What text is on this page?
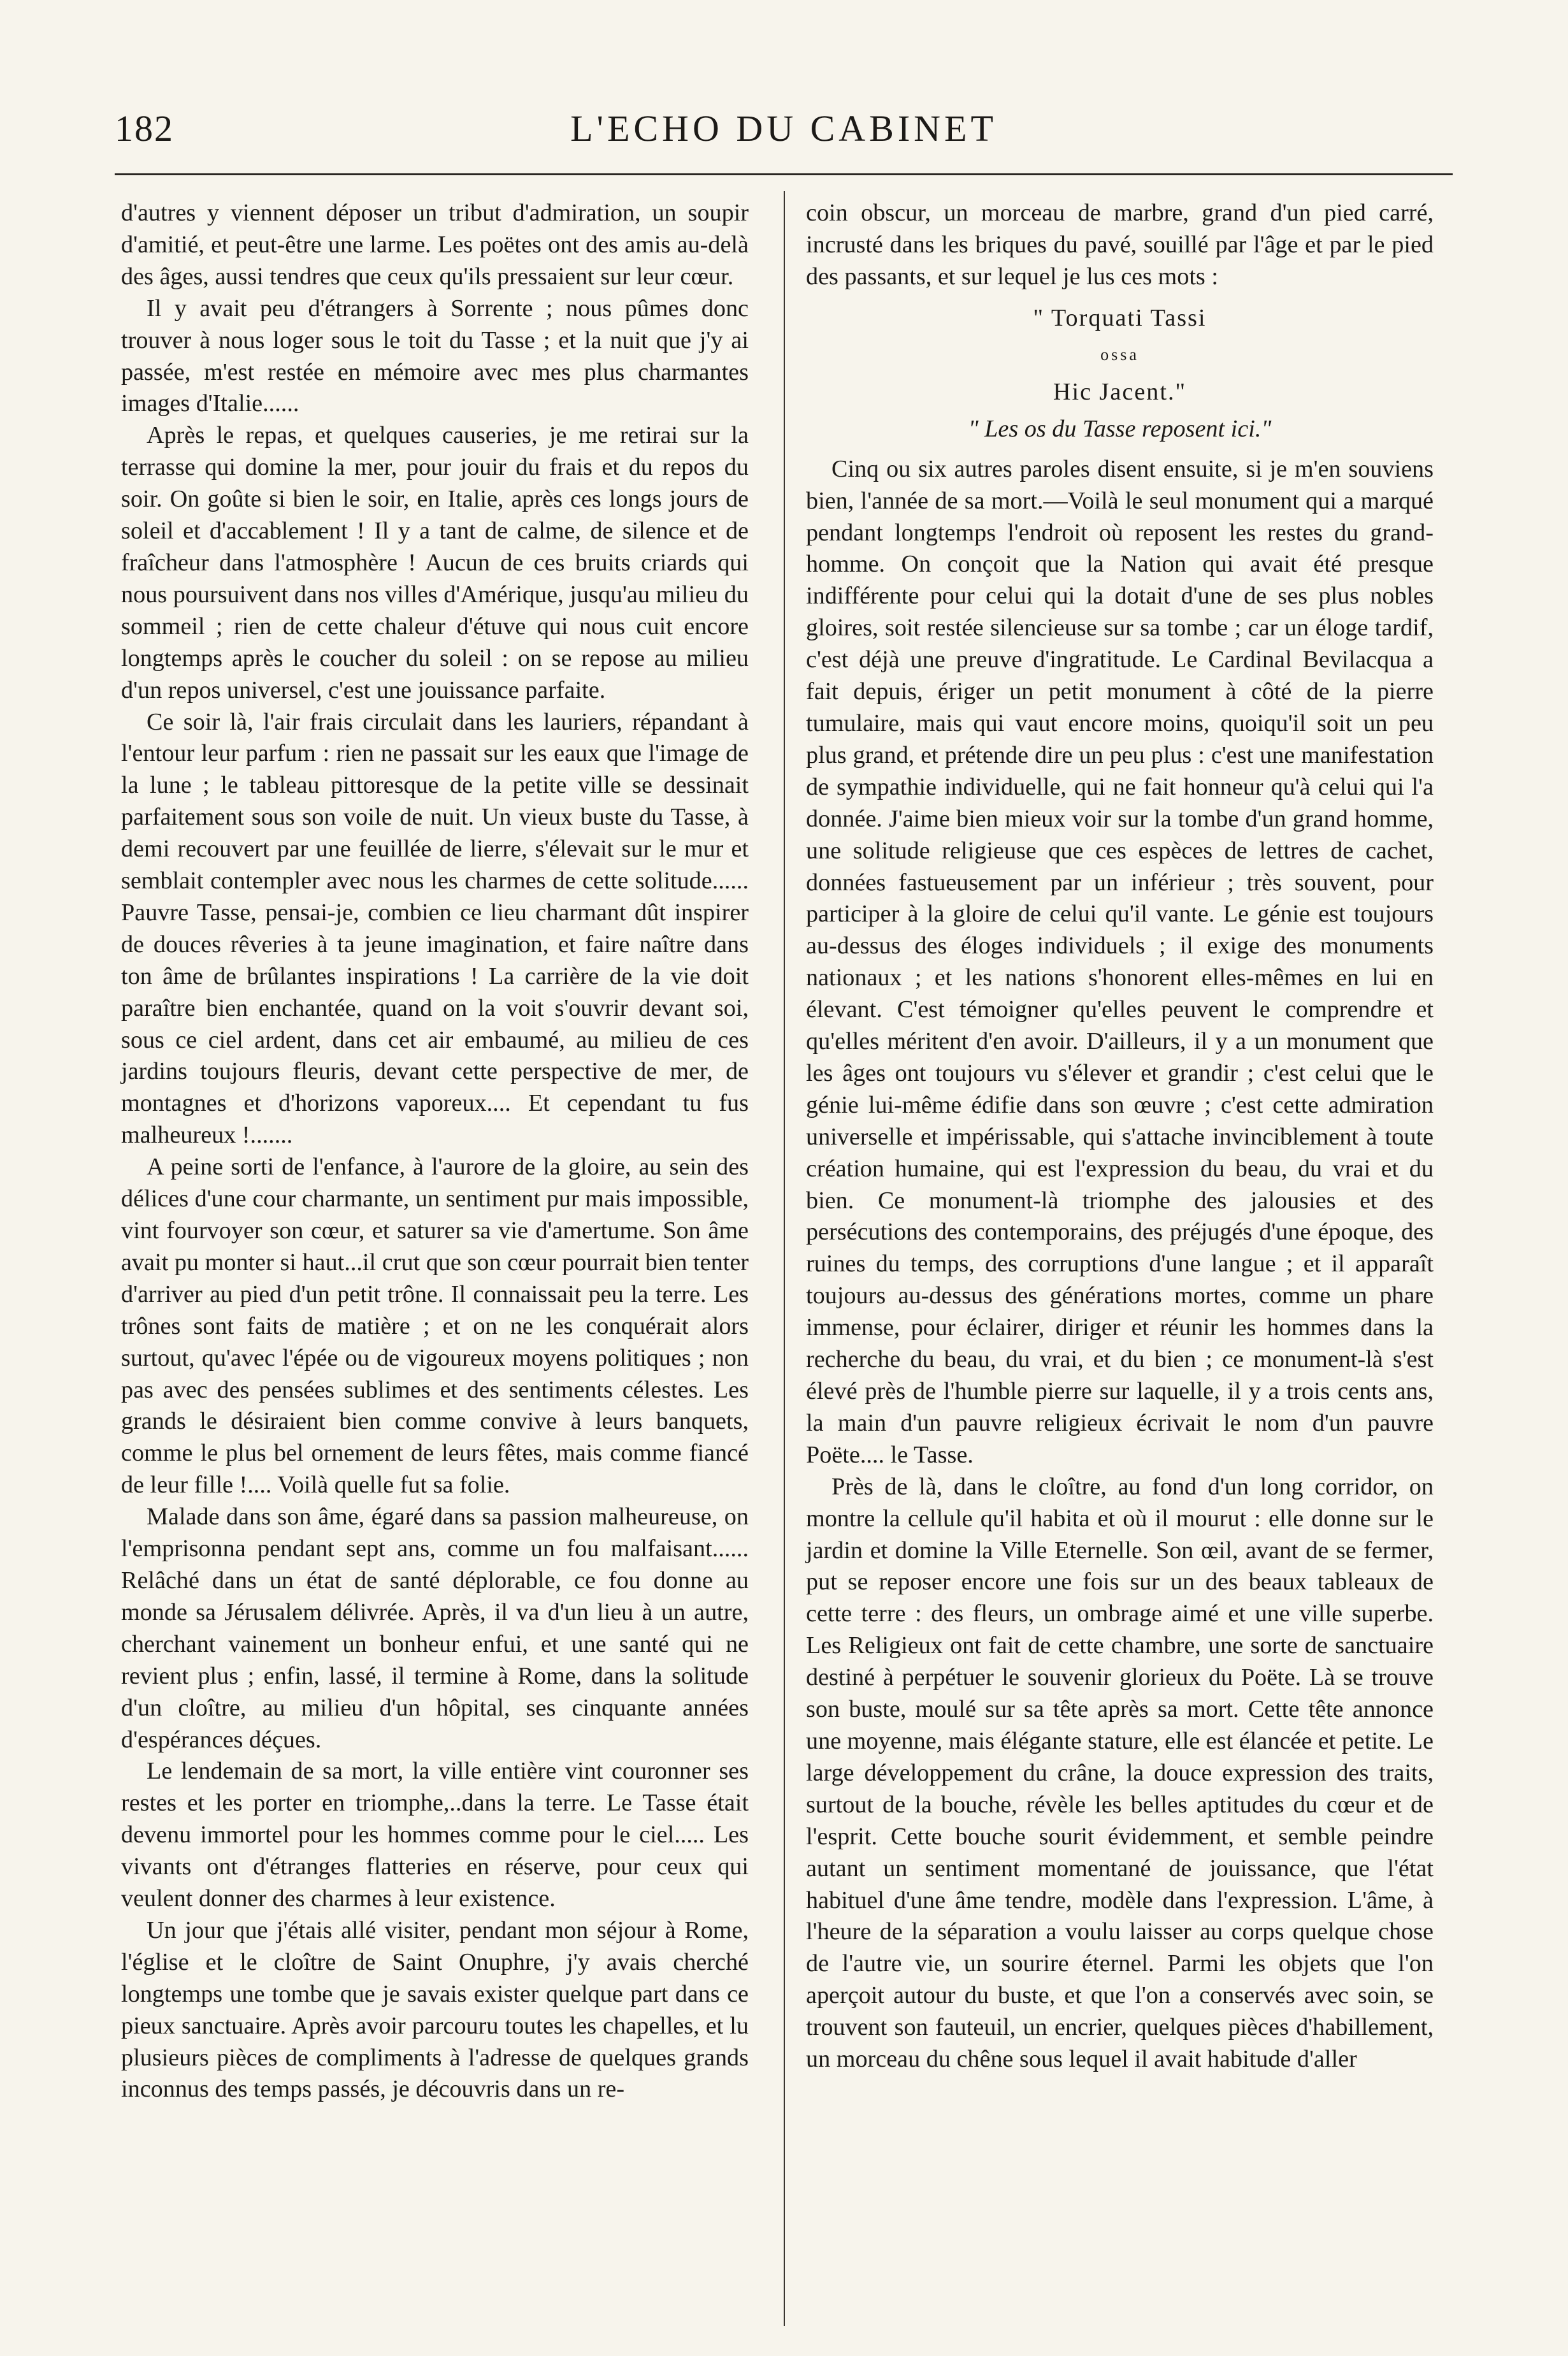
182	L'ECHO DU CABINET

d'autres y viennent déposer un tribut d'admiration, un soupir d'amitié, et peut-être une larme. Les poëtes ont des amis au-delà des âges, aussi tendres que ceux qu'ils pressaient sur leur cœur.

Il y avait peu d'étrangers à Sorrente ; nous pûmes donc trouver à nous loger sous le toit du Tasse ; et la nuit que j'y ai passée, m'est restée en mémoire avec mes plus charmantes images d'Italie......

Après le repas, et quelques causeries, je me retirai sur la terrasse qui domine la mer, pour jouir du frais et du repos du soir. On goûte si bien le soir, en Italie, après ces longs jours de soleil et d'accablement ! Il y a tant de calme, de silence et de fraîcheur dans l'atmosphère ! Aucun de ces bruits criards qui nous poursuivent dans nos villes d'Amérique, jusqu'au milieu du sommeil ; rien de cette chaleur d'étuve qui nous cuit encore longtemps après le coucher du soleil : on se repose au milieu d'un repos universel, c'est une jouissance parfaite.

Ce soir là, l'air frais circulait dans les lauriers, répandant à l'entour leur parfum : rien ne passait sur les eaux que l'image de la lune ; le tableau pittoresque de la petite ville se dessinait parfaitement sous son voile de nuit. Un vieux buste du Tasse, à demi recouvert par une feuillée de lierre, s'élevait sur le mur et semblait contempler avec nous les charmes de cette solitude...... Pauvre Tasse, pensai-je, combien ce lieu charmant dût inspirer de douces rêveries à ta jeune imagination, et faire naître dans ton âme de brûlantes inspirations ! La carrière de la vie doit paraître bien enchantée, quand on la voit s'ouvrir devant soi, sous ce ciel ardent, dans cet air embaumé, au milieu de ces jardins toujours fleuris, devant cette perspective de mer, de montagnes et d'horizons vaporeux.... Et cependant tu fus malheureux !.......

A peine sorti de l'enfance, à l'aurore de la gloire, au sein des délices d'une cour charmante, un sentiment pur mais impossible, vint fourvoyer son cœur, et saturer sa vie d'amertume. Son âme avait pu monter si haut...il crut que son cœur pourrait bien tenter d'arriver au pied d'un petit trône. Il connaissait peu la terre. Les trônes sont faits de matière ; et on ne les conquérait alors surtout, qu'avec l'épée ou de vigoureux moyens politiques ; non pas avec des pensées sublimes et des sentiments célestes. Les grands le désiraient bien comme convive à leurs banquets, comme le plus bel ornement de leurs fêtes, mais comme fiancé de leur fille !.... Voilà quelle fut sa folie.

Malade dans son âme, égaré dans sa passion malheureuse, on l'emprisonna pendant sept ans, comme un fou malfaisant...... Relâché dans un état de santé déplorable, ce fou donne au monde sa Jérusalem délivrée. Après, il va d'un lieu à un autre, cherchant vainement un bonheur enfui, et une santé qui ne revient plus ; enfin, lassé, il termine à Rome, dans la solitude d'un cloître, au milieu d'un hôpital, ses cinquante années d'espérances déçues.

Le lendemain de sa mort, la ville entière vint couronner ses restes et les porter en triomphe,..dans la terre. Le Tasse était devenu immortel pour les hommes comme pour le ciel..... Les vivants ont d'étranges flatteries en réserve, pour ceux qui veulent donner des charmes à leur existence.

Un jour que j'étais allé visiter, pendant mon séjour à Rome, l'église et le cloître de Saint Onuphre, j'y avais cherché longtemps une tombe que je savais exister quelque part dans ce pieux sanctuaire. Après avoir parcouru toutes les chapelles, et lu plusieurs pièces de compliments à l'adresse de quelques grands inconnus des temps passés, je découvris dans un re-

coin obscur, un morceau de marbre, grand d'un pied carré, incrusté dans les briques du pavé, souillé par l'âge et par le pied des passants, et sur lequel je lus ces mots :

" Torquati Tassi
ossa
Hic Jacent."
" Les os du Tasse reposent ici."

Cinq ou six autres paroles disent ensuite, si je m'en souviens bien, l'année de sa mort.—Voilà le seul monument qui a marqué pendant longtemps l'endroit où reposent les restes du grand-homme. On conçoit que la Nation qui avait été presque indifférente pour celui qui la dotait d'une de ses plus nobles gloires, soit restée silencieuse sur sa tombe ; car un éloge tardif, c'est déjà une preuve d'ingratitude. Le Cardinal Bevilacqua a fait depuis, ériger un petit monument à côté de la pierre tumulaire, mais qui vaut encore moins, quoiqu'il soit un peu plus grand, et prétende dire un peu plus : c'est une manifestation de sympathie individuelle, qui ne fait honneur qu'à celui qui l'a donnée. J'aime bien mieux voir sur la tombe d'un grand homme, une solitude religieuse que ces espèces de lettres de cachet, données fastueusement par un inférieur ; très souvent, pour participer à la gloire de celui qu'il vante. Le génie est toujours au-dessus des éloges individuels ; il exige des monuments nationaux ; et les nations s'honorent elles-mêmes en lui en élevant. C'est témoigner qu'elles peuvent le comprendre et qu'elles méritent d'en avoir. D'ailleurs, il y a un monument que les âges ont toujours vu s'élever et grandir ; c'est celui que le génie lui-même édifie dans son œuvre ; c'est cette admiration universelle et impérissable, qui s'attache invinciblement à toute création humaine, qui est l'expression du beau, du vrai et du bien. Ce monument-là triomphe des jalousies et des persécutions des contemporains, des préjugés d'une époque, des ruines du temps, des corruptions d'une langue ; et il apparaît toujours au-dessus des générations mortes, comme un phare immense, pour éclairer, diriger et réunir les hommes dans la recherche du beau, du vrai, et du bien ; ce monument-là s'est élevé près de l'humble pierre sur laquelle, il y a trois cents ans, la main d'un pauvre religieux écrivait le nom d'un pauvre Poëte.... le Tasse.

Près de là, dans le cloître, au fond d'un long corridor, on montre la cellule qu'il habita et où il mourut : elle donne sur le jardin et domine la Ville Eternelle. Son œil, avant de se fermer, put se reposer encore une fois sur un des beaux tableaux de cette terre : des fleurs, un ombrage aimé et une ville superbe. Les Religieux ont fait de cette chambre, une sorte de sanctuaire destiné à perpétuer le souvenir glorieux du Poëte. Là se trouve son buste, moulé sur sa tête après sa mort. Cette tête annonce une moyenne, mais élégante stature, elle est élancée et petite. Le large développement du crâne, la douce expression des traits, surtout de la bouche, révèle les belles aptitudes du cœur et de l'esprit. Cette bouche sourit évidemment, et semble peindre autant un sentiment momentané de jouissance, que l'état habituel d'une âme tendre, modèle dans l'expression. L'âme, à l'heure de la séparation a voulu laisser au corps quelque chose de l'autre vie, un sourire éternel. Parmi les objets que l'on aperçoit autour du buste, et que l'on a conservés avec soin, se trouvent son fauteuil, un encrier, quelques pièces d'habillement, un morceau du chêne sous lequel il avait habitude d'aller
